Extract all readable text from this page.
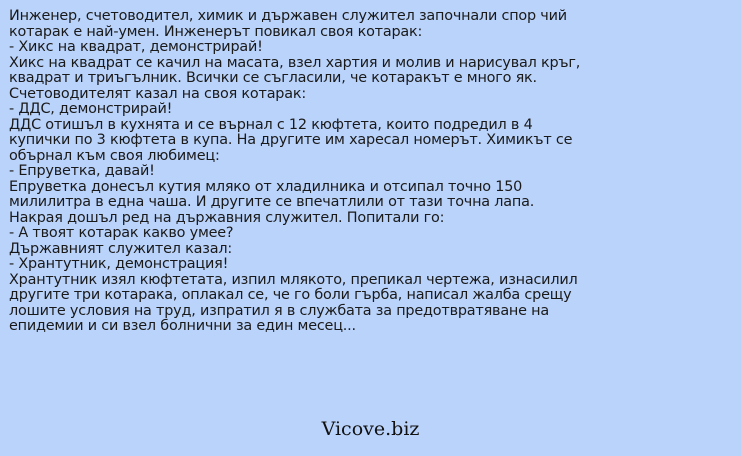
Инженер, счетоводител, химик и държавен служител започнали спор чий
котарак е най-умен. Инженерът повикал своя котарак:
- Хикс на квадрат, демонстрирай!
Хикс на квадрат се качил на масата, взел хартия и молив и нарисувал кръг,
квадрат и триъгълник. Всички се съгласили, че котаракът е много як.
Счетоводителят казал на своя котарак:
- ДДС, демонстрирай!
ДДС отишъл в кухнята и се върнал с 12 кюфтета, които подредил в 4
купички по 3 кюфтета в купа. На другите им харесал номерът. Химикът се
обърнал към своя любимец:
- Епруветка, давай!
Епруветка донесъл кутия мляко от хладилника и отсипал точно 150
милилитра в една чаша. И другите се впечатлили от тази точна лапа.
Накрая дошъл ред на държавния служител. Попитали го:
- А твоят котарак какво умее?
Държавният служител казал:
- Хрантутник, демонстрация!
Хрантутник изял кюфтетата, изпил млякото, препикал чертежа, изнасилил
другите три котарака, оплакал се, че го боли гърба, написал жалба срещу
лошите условия на труд, изпратил я в службата за предотвратяване на
епидемии и си взел болнични за един месец...
Vicove.biz
